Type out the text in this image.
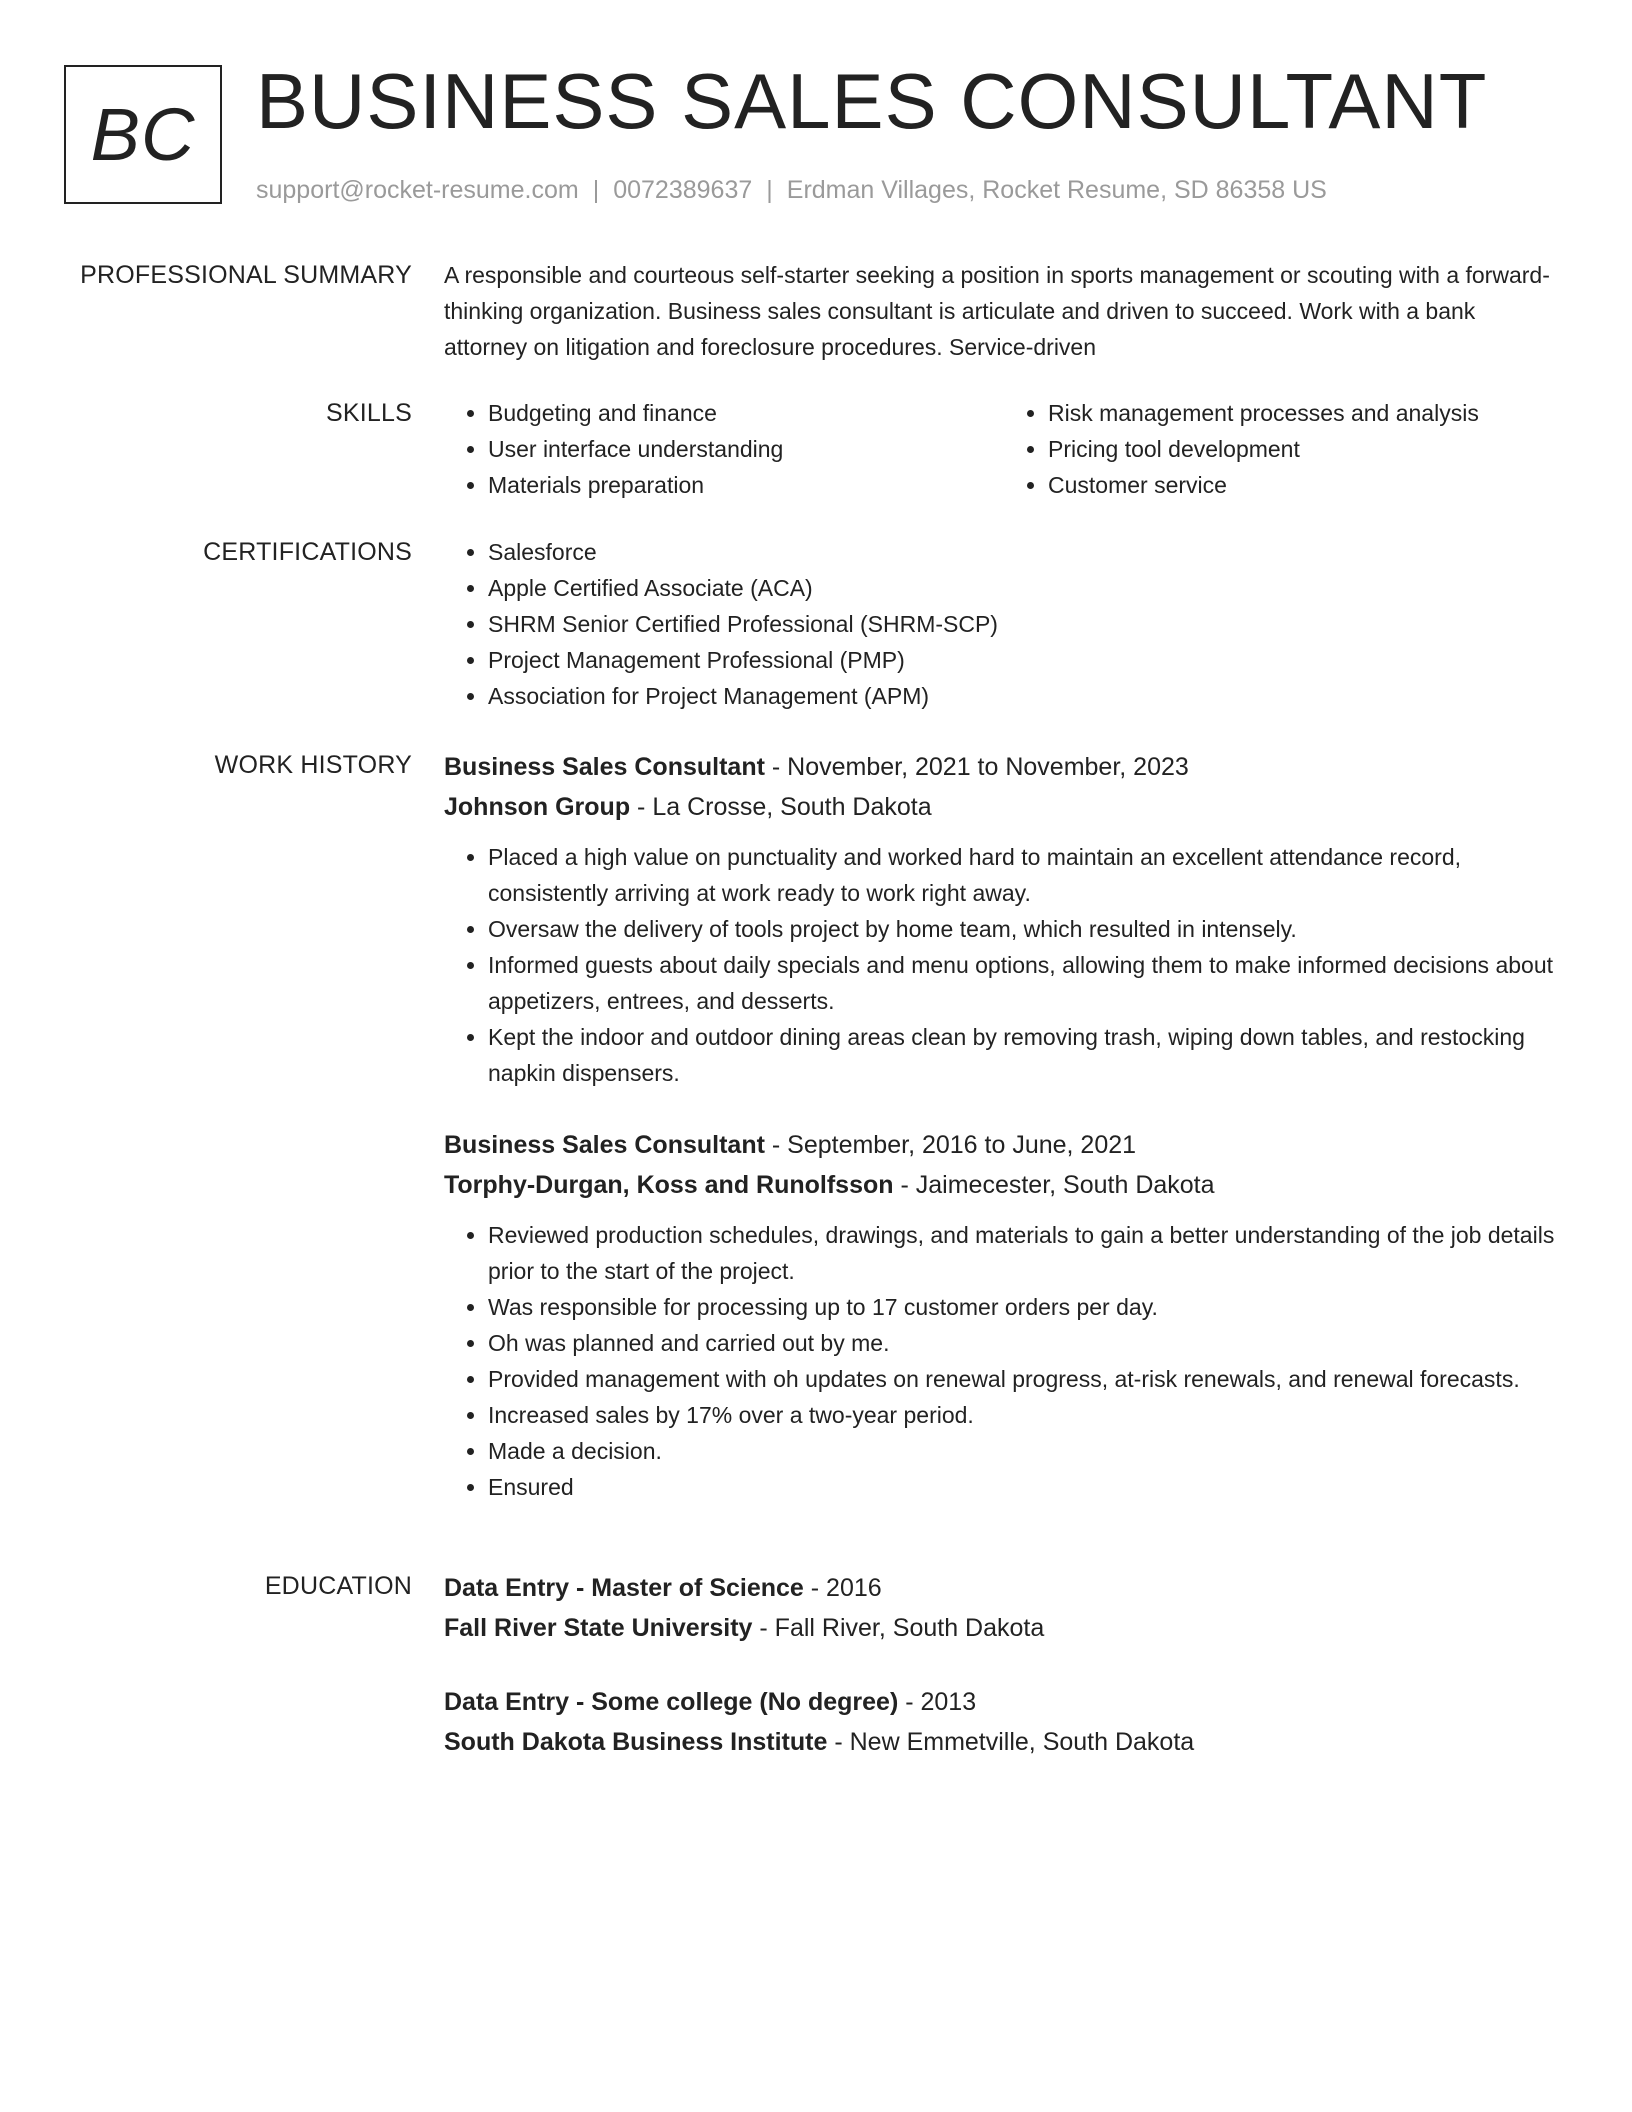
BC BUSINESS SALES CONSULTANT
support@rocket-resume.com | 0072389637 | Erdman Villages, Rocket Resume, SD 86358 US
PROFESSIONAL SUMMARY A responsible and courteous self-starter seeking a position in sports management or scouting with a forward-thinking organization. Business sales consultant is articulate and driven to succeed. Work with a bank attorney on litigation and foreclosure procedures. Service-driven

SKILLS	• Budgeting and finance
• User interface understanding
• Materials preparation
• Risk management processes and analysis
• Pricing tool development
• Customer service
CERTIFICATIONS	• Salesforce
• Apple Certified Associate (ACA)
• SHRM Senior Certified Professional (SHRM-SCP)
• Project Management Professional (PMP)
• Association for Project Management (APM)
WORK HISTORY Business Sales Consultant - November, 2021 to November, 2023
Johnson Group - La Crosse, South Dakota
• Placed a high value on punctuality and worked hard to maintain an excellent attendance record, consistently arriving at work ready to work right away.
• Oversaw the delivery of tools project by home team, which resulted in intensely.
• Informed guests about daily specials and menu options, allowing them to make informed decisions about appetizers, entrees, and desserts.
• Kept the indoor and outdoor dining areas clean by removing trash, wiping down tables, and restocking napkin dispensers.
Business Sales Consultant - September, 2016 to June, 2021
Torphy-Durgan, Koss and Runolfsson - Jaimecester, South Dakota
• Reviewed production schedules, drawings, and materials to gain a better understanding of the job details prior to the start of the project.
• Was responsible for processing up to 17 customer orders per day.
• Oh was planned and carried out by me.
• Provided management with oh updates on renewal progress, at-risk renewals, and renewal forecasts.
• Increased sales by 17% over a two-year period.
• Made a decision.
• Ensured
EDUCATION Data Entry - Master of Science - 2016
Fall River State University - Fall River, South Dakota
Data Entry - Some college (No degree) - 2013
South Dakota Business Institute - New Emmetville, South Dakota
